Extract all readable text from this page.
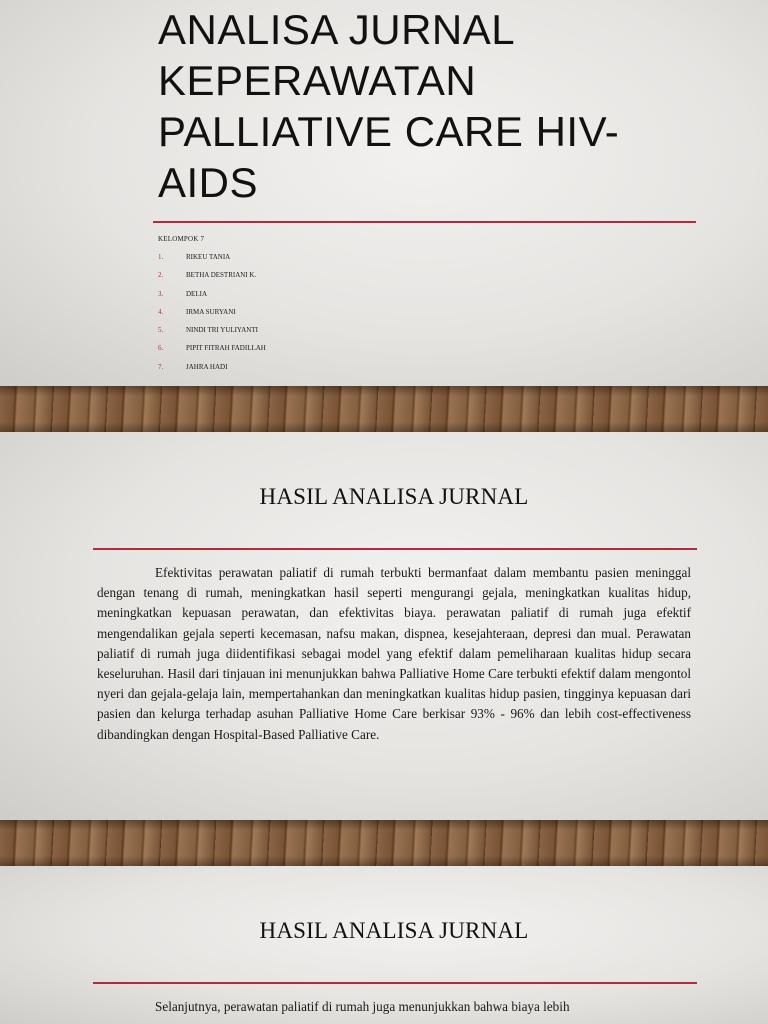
ANALISA JURNAL KEPERAWATAN PALLIATIVE CARE HIV-AIDS
KELOMPOK 7
1.	RIKEU TANIA
2.	BETHA DESTRIANI K.
3.	DELIA
4.	IRMA SURYANI
5.	NINDI TRI YULIYANTI
6.	PIPIT FITRAH FADILLAH
7.	JAHRA HADI
HASIL ANALISA JURNAL

Efektivitas perawatan paliatif di rumah terbukti bermanfaat dalam membantu pasien meninggal dengan tenang di rumah, meningkatkan hasil seperti mengurangi gejala, meningkatkan kualitas hidup, meningkatkan kepuasan perawatan, dan efektivitas biaya. perawatan paliatif di rumah juga efektif mengendalikan gejala seperti kecemasan, nafsu makan, dispnea, kesejahteraan, depresi dan mual. Perawatan paliatif di rumah juga diidentifikasi sebagai model yang efektif dalam pemeliharaan kualitas hidup secara keseluruhan. Hasil dari tinjauan ini menunjukkan bahwa Palliative Home Care terbukti efektif dalam mengontol nyeri dan gejala-gelaja lain, mempertahankan dan meningkatkan kualitas hidup pasien, tingginya kepuasan dari pasien dan kelurga terhadap asuhan Palliative Home Care berkisar 93% - 96% dan lebih cost-effectiveness dibandingkan dengan Hospital-Based Palliative Care.

HASIL ANALISA JURNAL

Selanjutnya, perawatan paliatif di rumah juga menunjukkan bahwa biaya lebih
